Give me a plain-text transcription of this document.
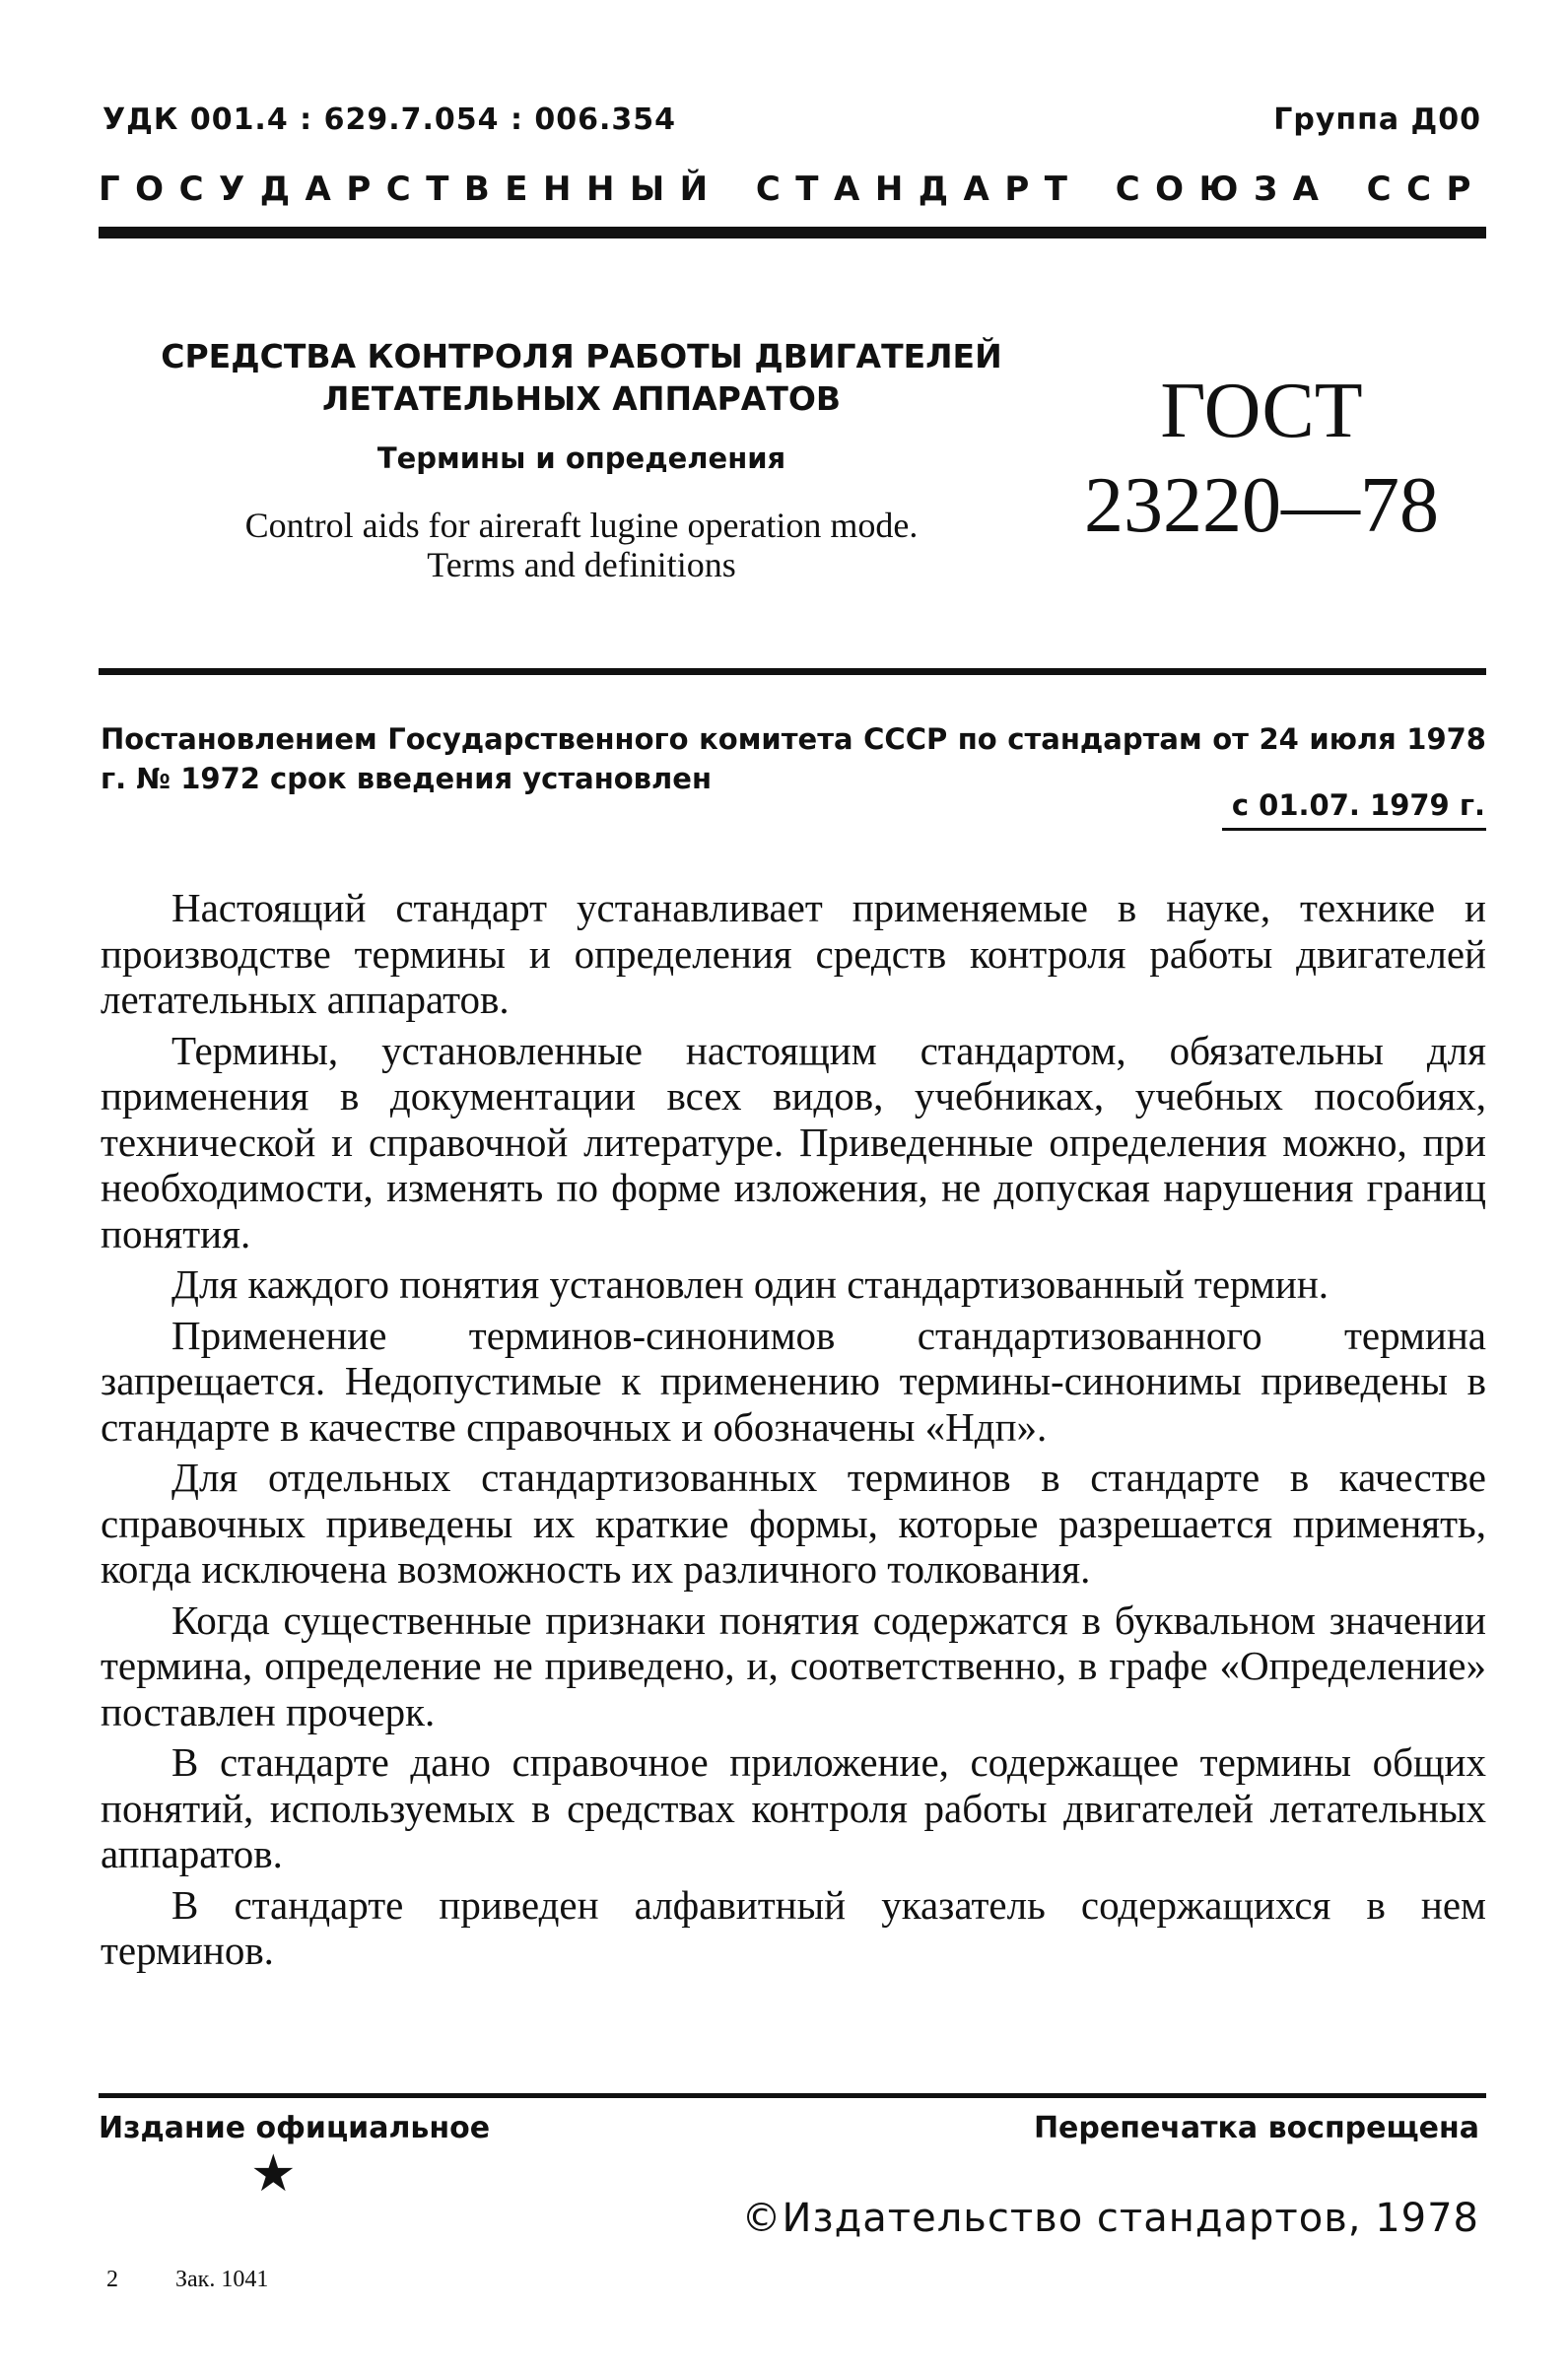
УДК 001.4 : 629.7.054 : 006.354	Группа Д00
ГОСУДАРСТВЕННЫЙ СТАНДАРТ СОЮЗА ССР
СРЕДСТВА КОНТРОЛЯ РАБОТЫ ДВИГАТЕЛЕЙ
ЛЕТАТЕЛЬНЫХ АППАРАТОВ
Термины и определения
Control aids for aireraft lugine operation mode.
Terms and definitions
ГОСТ
23220—78
Постановлением Государственного комитета СССР по стандартам от 24 июля 1978 г. № 1972 срок введения установлен
с 01.07. 1979 г.

Настоящий стандарт устанавливает применяемые в науке, технике и производстве термины и определения средств контроля работы двигателей летательных аппаратов.

Термины, установленные настоящим стандартом, обязательны для применения в документации всех видов, учебниках, учебных пособиях, технической и справочной литературе. Приведенные определения можно, при необходимости, изменять по форме изложения, не допуская нарушения границ понятия.

Для каждого понятия установлен один стандартизованный термин.

Применение терминов-синонимов стандартизованного термина запрещается. Недопустимые к применению термины-синонимы приведены в стандарте в качестве справочных и обозначены «Ндп».

Для отдельных стандартизованных терминов в стандарте в качестве справочных приведены их краткие формы, которые разрешается применять, когда исключена возможность их различного толкования.

Когда существенные признаки понятия содержатся в буквальном значении термина, определение не приведено, и, соответственно, в графе «Определение» поставлен прочерк.

В стандарте дано справочное приложение, содержащее термины общих понятий, используемых в средствах контроля работы двигателей летательных аппаратов.

В стандарте приведен алфавитный указатель содержащихся в нем терминов.

Издание официальное	Перепечатка воспрещена
★
©Издательство стандартов, 1978
2 Зак. 1041
